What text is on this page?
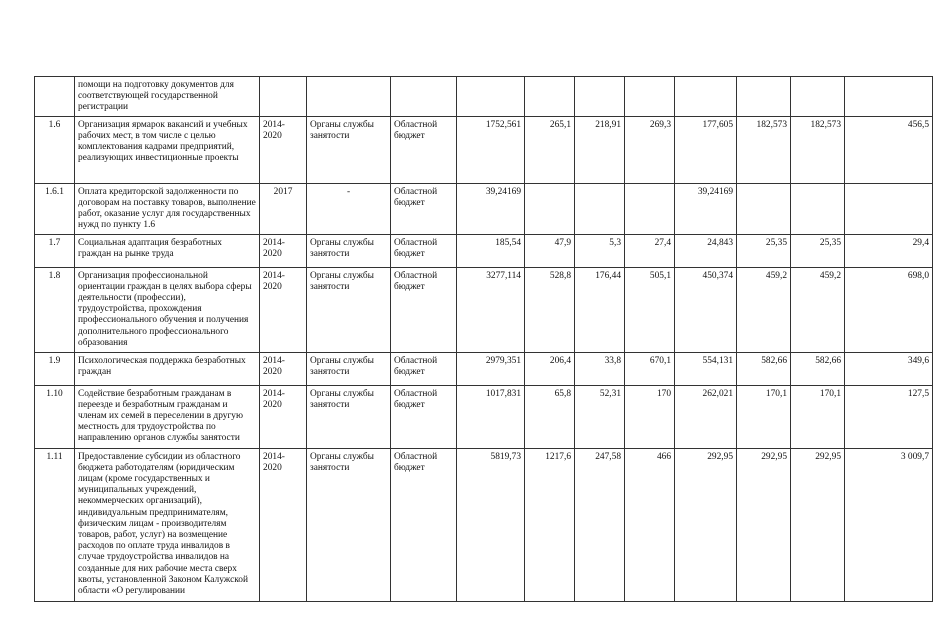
	помощи на подготовку документов для соответствующей государственной регистрации											
1.6	Организация ярмарок вакансий и учебных рабочих мест, в том числе с целью комплектования кадрами предприятий, реализующих инвестиционные проекты	2014-2020	Органы службы занятости	Областной бюджет	1752,561	265,1	218,91	269,3	177,605	182,573	182,573	456,5
1.6.1	Оплата кредиторской задолженности по договорам на поставку товаров, выполнение работ, оказание услуг для государственных нужд по пункту 1.6	2017	-	Областной бюджет	39,24169				39,24169			
1.7	Социальная адаптация безработных граждан на рынке труда	2014-2020	Органы службы занятости	Областной бюджет	185,54	47,9	5,3	27,4	24,843	25,35	25,35	29,4
1.8	Организация профессиональной ориентации граждан в целях выбора сферы деятельности (профессии), трудоустройства, прохождения профессионального обучения и получения дополнительного профессионального образования	2014-2020	Органы службы занятости	Областной бюджет	3277,114	528,8	176,44	505,1	450,374	459,2	459,2	698,0
1.9	Психологическая поддержка безработных граждан	2014-2020	Органы службы занятости	Областной бюджет	2979,351	206,4	33,8	670,1	554,131	582,66	582,66	349,6
1.10	Содействие безработным гражданам в переезде и безработным гражданам и членам их семей в переселении в другую местность для трудоустройства по направлению органов службы занятости	2014-2020	Органы службы занятости	Областной бюджет	1017,831	65,8	52,31	170	262,021	170,1	170,1	127,5
1.11	Предоставление субсидии из областного бюджета работодателям (юридическим лицам (кроме государственных и муниципальных учреждений, некоммерческих организаций), индивидуальным предпринимателям, физическим лицам - производителям товаров, работ, услуг) на возмещение расходов по оплате труда инвалидов в случае трудоустройства инвалидов на созданные для них рабочие места сверх квоты, установленной Законом Калужской области «О регулировании	2014-2020	Органы службы занятости	Областной бюджет	5819,73	1217,6	247,58	466	292,95	292,95	292,95	3 009,7
